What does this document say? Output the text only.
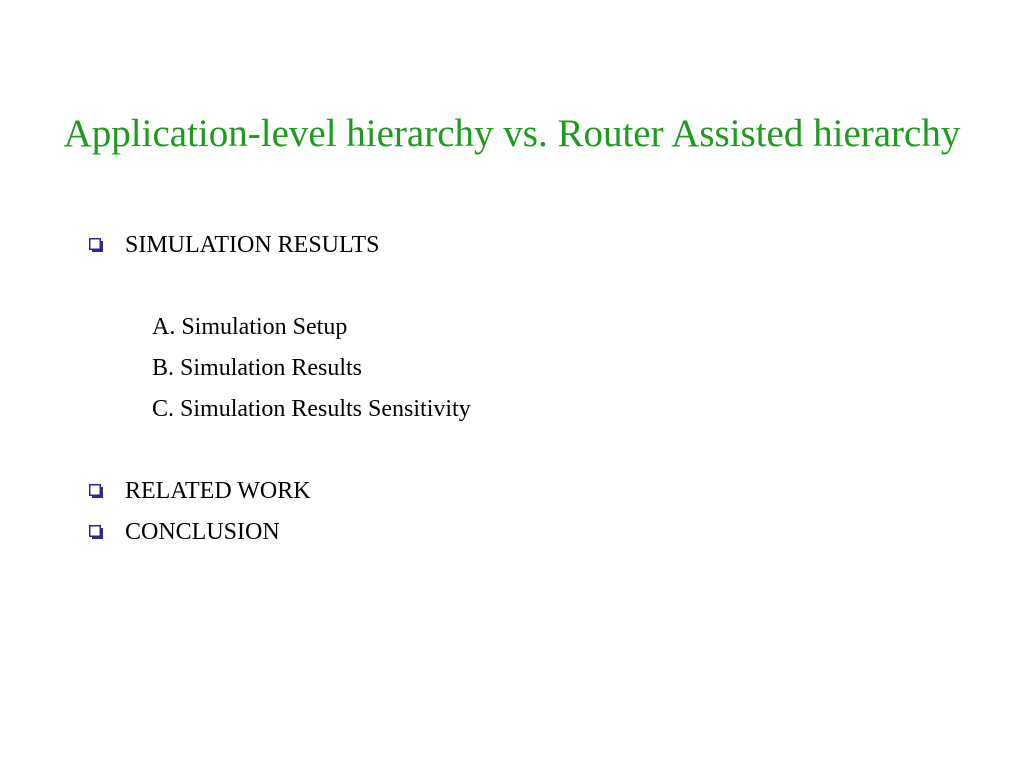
Application-level hierarchy vs. Router Assisted hierarchy
SIMULATION RESULTS
A. Simulation Setup
B. Simulation Results
C. Simulation Results Sensitivity
RELATED WORK
CONCLUSION
